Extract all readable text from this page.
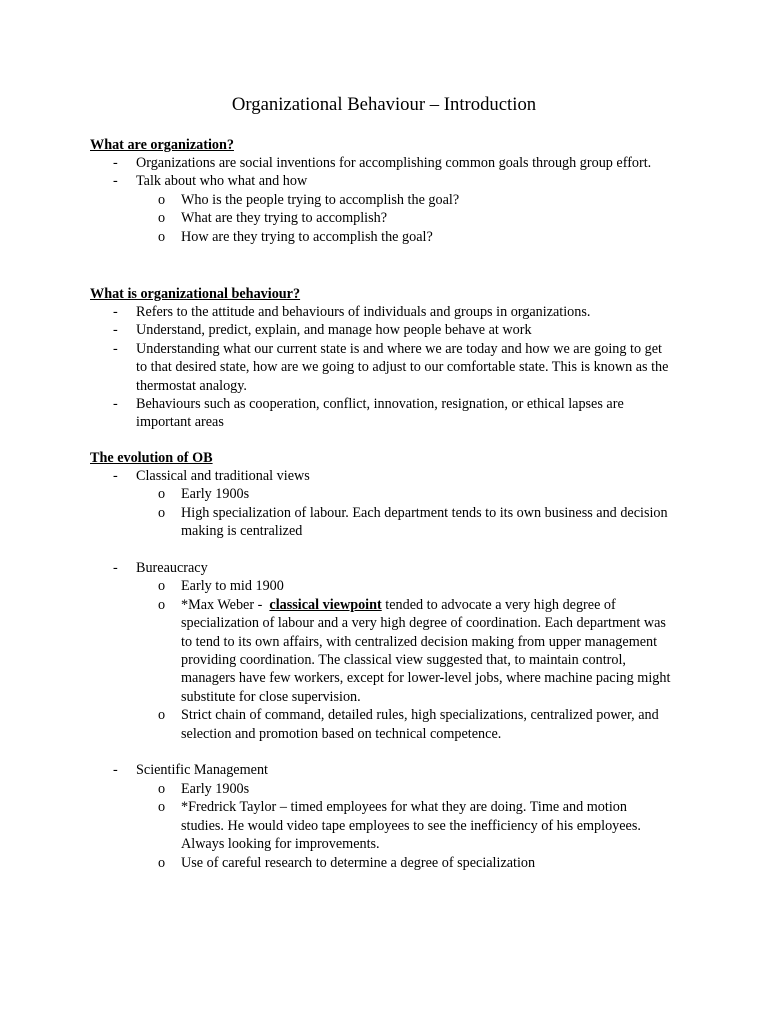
Organizational Behaviour – Introduction
What are organization?
- Organizations are social inventions for accomplishing common goals through group effort.
- Talk about who what and how
o Who is the people trying to accomplish the goal?
o What are they trying to accomplish?
o How are they trying to accomplish the goal?
What is organizational behaviour?
- Refers to the attitude and behaviours of individuals and groups in organizations.
- Understand, predict, explain, and manage how people behave at work
- Understanding what our current state is and where we are today and how we are going to get to that desired state, how are we going to adjust to our comfortable state. This is known as the thermostat analogy.
- Behaviours such as cooperation, conflict, innovation, resignation, or ethical lapses are important areas
The evolution of OB
- Classical and traditional views
o Early 1900s
o High specialization of labour. Each department tends to its own business and decision making is centralized
- Bureaucracy
o Early to mid 1900
o *Max Weber -  classical viewpoint tended to advocate a very high degree of specialization of labour and a very high degree of coordination. Each department was to tend to its own affairs, with centralized decision making from upper management providing coordination. The classical view suggested that, to maintain control, managers have few workers, except for lower-level jobs, where machine pacing might substitute for close supervision.
o Strict chain of command, detailed rules, high specializations, centralized power, and selection and promotion based on technical competence.
- Scientific Management
o Early 1900s
o *Fredrick Taylor – timed employees for what they are doing. Time and motion studies. He would video tape employees to see the inefficiency of his employees. Always looking for improvements.
o Use of careful research to determine a degree of specialization
